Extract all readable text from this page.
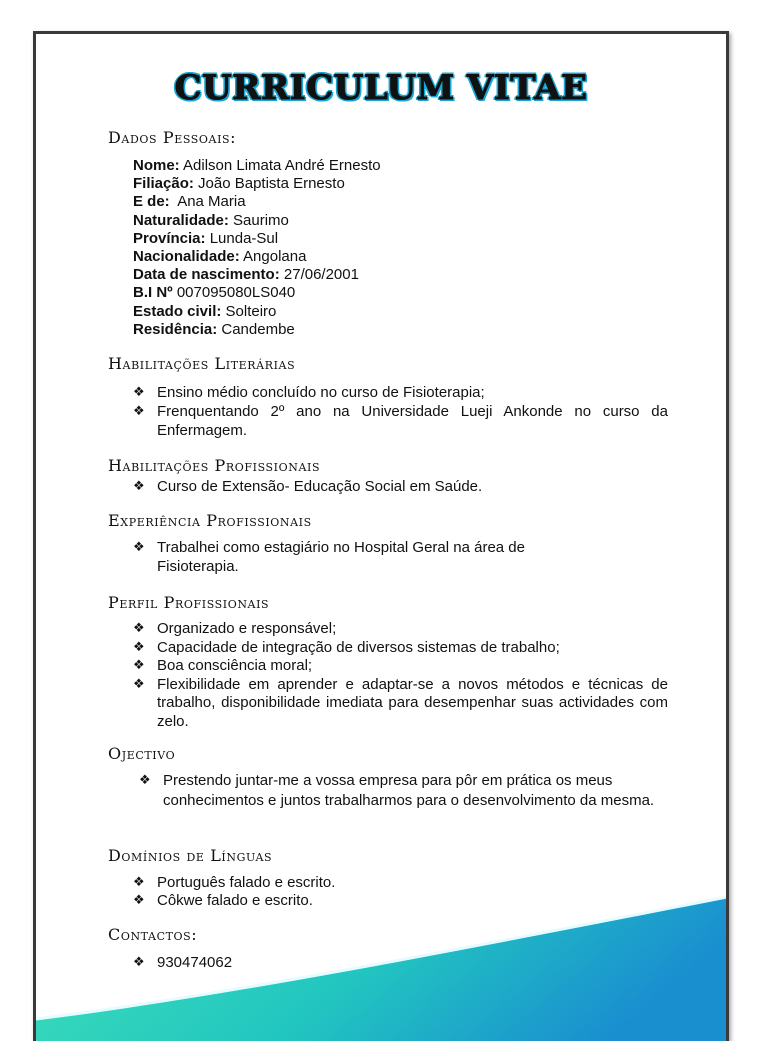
CURRICULUM VITAE
Dados Pessoais:
Nome: Adilson Limata André Ernesto
Filiação: João Baptista Ernesto
E de:  Ana Maria
Naturalidade: Saurimo
Província: Lunda-Sul
Nacionalidade: Angolana
Data de nascimento: 27/06/2001
B.I Nº 007095080LS040
Estado civil: Solteiro
Residência: Candembe
Habilitações Literárias
❖ Ensino médio concluído no curso de Fisioterapia;
❖ Frenquentando 2º ano na Universidade Lueji Ankonde no curso da Enfermagem.
Habilitações Profissionais
❖ Curso de Extensão- Educação Social em Saúde.
Experiência Profissionais
❖ Trabalhei como estagiário no Hospital Geral na área de Fisioterapia.
Perfil Profissionais
❖ Organizado e responsável;
❖ Capacidade de integração de diversos sistemas de trabalho;
❖ Boa consciência moral;
❖ Flexibilidade em aprender e adaptar-se a novos métodos e técnicas de trabalho, disponibilidade imediata para desempenhar suas actividades com zelo.
Ojectivo
❖ Prestendo juntar-me a vossa empresa para pôr em prática os meus conhecimentos e juntos trabalharmos para o desenvolvimento da mesma.
Domínios de Línguas
❖ Português falado e escrito.
❖ Côkwe falado e escrito.
Contactos:
❖ 930474062
